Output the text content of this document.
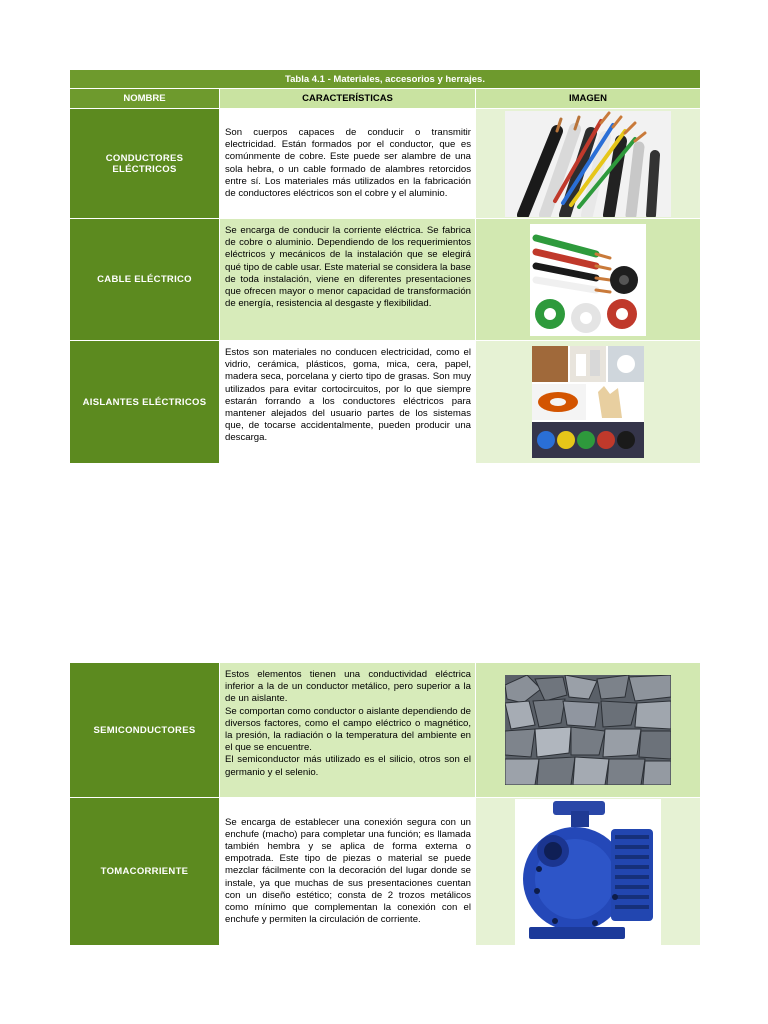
Tabla 4.1 - Materiales, accesorios y herrajes.		
NOMBRE	CARACTERÍSTICAS	IMAGEN
CONDUCTORES ELÉCTRICOS	Son cuerpos capaces de conducir o transmitir electricidad. Están formados por el conductor, que es comúnmente de cobre. Este puede ser alambre de una sola hebra, o un cable formado de alambres retorcidos entre sí. Los materiales más utilizados en la fabricación de conductores eléctricos son el cobre y el aluminio.	

CABLE ELÉCTRICO	Se encarga de conducir la corriente eléctrica. Se fabrica de cobre o aluminio. Dependiendo de los requerimientos eléctricos y mecánicos de la instalación que se elegirá qué tipo de cable usar. Este material se considera la base de toda instalación, viene en diferentes presentaciones que ofrecen mayor o menor capacidad de transformación de energía, resistencia al desgaste y flexibilidad.	

AISLANTES ELÉCTRICOS	Estos son materiales no conducen electricidad, como el vidrio, cerámica, plásticos, goma, mica, cera, papel, madera seca, porcelana y cierto tipo de grasas. Son muy utilizados para evitar cortocircuitos, por lo que siempre estarán forrando a los conductores eléctricos para mantener alejados del usuario partes de los sistemas que, de tocarse accidentalmente, pueden producir una descarga.	
SEMICONDUCTORES	Estos elementos tienen una conductividad eléctrica inferior a la de un conductor metálico, pero superior a la de un aislante.
Se comportan como conductor o aislante dependiendo de diversos factores, como el campo eléctrico o magnético, la presión, la radiación o la temperatura del ambiente en el que se encuentre.
El semiconductor más utilizado es el silicio, otros son el germanio y el selenio.

TOMACORRIENTE	Se encarga de establecer una conexión segura con un enchufe (macho) para completar una función; es llamada también hembra y se aplica de forma externa o empotrada. Este tipo de piezas o material se puede mezclar fácilmente con la decoración del lugar donde se instale, ya que muchas de sus presentaciones cuentan con un diseño estético; consta de 2 trozos metálicos como mínimo que complementan la conexión con el enchufe y permiten la circulación de corriente.	
